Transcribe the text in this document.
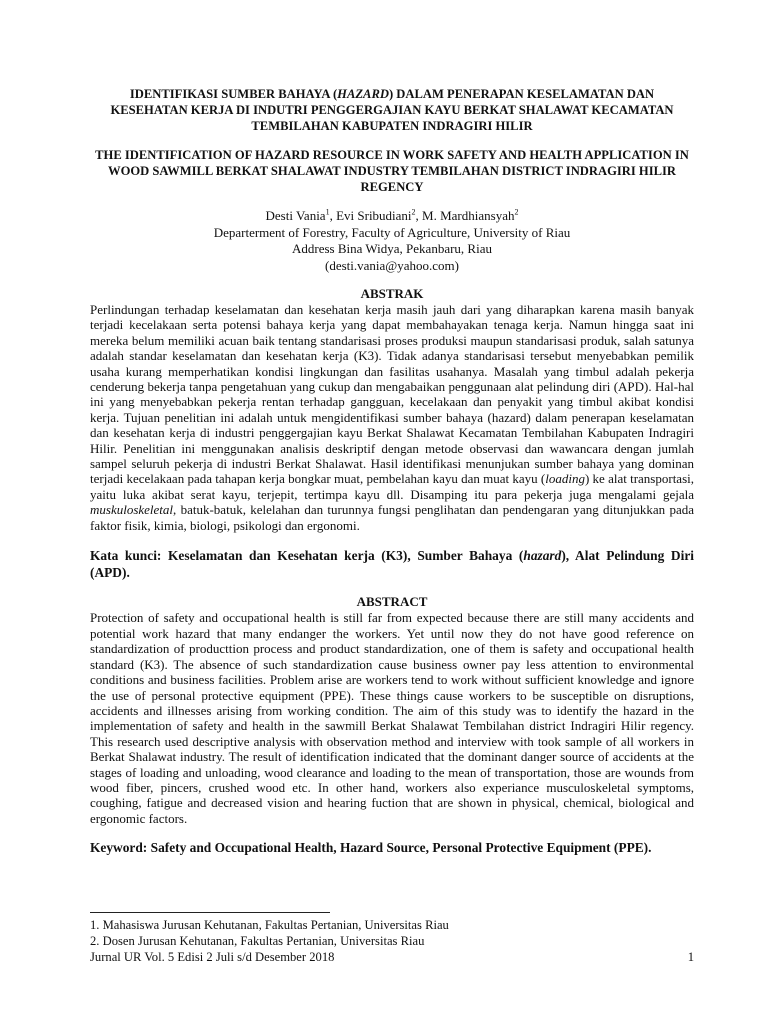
IDENTIFIKASI SUMBER BAHAYA (HAZARD) DALAM PENERAPAN KESELAMATAN DAN KESEHATAN KERJA DI INDUTRI PENGGERGAJIAN KAYU BERKAT SHALAWAT KECAMATAN TEMBILAHAN KABUPATEN INDRAGIRI HILIR

THE IDENTIFICATION OF HAZARD RESOURCE IN WORK SAFETY AND HEALTH APPLICATION IN WOOD SAWMILL BERKAT SHALAWAT INDUSTRY TEMBILAHAN DISTRICT INDRAGIRI HILIR REGENCY

Desti Vania$^1$, Evi Sribudiani$^2$, M. Mardhiansyah$^2$
Departerment of Forestry, Faculty of Agriculture, University of Riau
Address Bina Widya, Pekanbaru, Riau
(desti.vania@yahoo.com)
ABSTRAK

Perlindungan terhadap keselamatan dan kesehatan kerja masih jauh dari yang diharapkan karena masih banyak terjadi kecelakaan serta potensi bahaya kerja yang dapat membahayakan tenaga kerja. Namun hingga saat ini mereka belum memiliki acuan baik tentang standarisasi proses produksi maupun standarisasi produk, salah satunya adalah standar keselamatan dan kesehatan kerja (K3). Tidak adanya standarisasi tersebut menyebabkan pemilik usaha kurang memperhatikan kondisi lingkungan dan fasilitas usahanya. Masalah yang timbul adalah pekerja cenderung bekerja tanpa pengetahuan yang cukup dan mengabaikan penggunaan alat pelindung diri (APD). Hal-hal ini yang menyebabkan pekerja rentan terhadap gangguan, kecelakaan dan penyakit yang timbul akibat kondisi kerja. Tujuan penelitian ini adalah untuk mengidentifikasi sumber bahaya (hazard) dalam penerapan keselamatan dan kesehatan kerja di industri penggergajian kayu Berkat Shalawat Kecamatan Tembilahan Kabupaten Indragiri Hilir. Penelitian ini menggunakan analisis deskriptif dengan metode observasi dan wawancara dengan jumlah sampel seluruh pekerja di industri Berkat Shalawat. Hasil identifikasi menunjukan sumber bahaya yang dominan terjadi kecelakaan pada tahapan kerja bongkar muat, pembelahan kayu dan muat kayu (loading) ke alat transportasi, yaitu luka akibat serat kayu, terjepit, tertimpa kayu dll. Disamping itu para pekerja juga mengalami gejala muskuloskeletal, batuk-batuk, kelelahan dan turunnya fungsi penglihatan dan pendengaran yang ditunjukkan pada faktor fisik, kimia, biologi, psikologi dan ergonomi.

Kata kunci: Keselamatan dan Kesehatan kerja (K3), Sumber Bahaya (hazard), Alat Pelindung Diri (APD).

ABSTRACT

Protection of safety and occupational health is still far from expected because there are still many accidents and potential work hazard that many endanger the workers. Yet until now they do not have good reference on standardization of producttion process and product standardization, one of them is safety and occupational health standard (K3). The absence of such standardization cause business owner pay less attention to environmental conditions and business facilities. Problem arise are workers tend to work without sufficient knowledge and ignore the use of personal protective equipment (PPE). These things cause workers to be susceptible on disruptions, accidents and illnesses arising from working condition. The aim of this study was to identify the hazard in the implementation of safety and health in the sawmill Berkat Shalawat Tembilahan district Indragiri Hilir regency. This research used descriptive analysis with observation method and interview with took sample of all workers in Berkat Shalawat industry. The result of identification indicated that the dominant danger source of accidents at the stages of loading and unloading, wood clearance and loading to the mean of transportation, those are wounds from wood fiber, pincers, crushed wood etc. In other hand, workers also experiance musculoskeletal symptoms, coughing, fatigue and decreased vision and hearing fuction that are shown in physical, chemical, biological and ergonomic factors.

Keyword: Safety and Occupational Health, Hazard Source, Personal Protective Equipment (PPE).

1. Mahasiswa Jurusan Kehutanan, Fakultas Pertanian, Universitas Riau
2. Dosen Jurusan Kehutanan, Fakultas Pertanian, Universitas Riau
Jurnal UR Vol. 5 Edisi 2 Juli s/d Desember 2018	1
